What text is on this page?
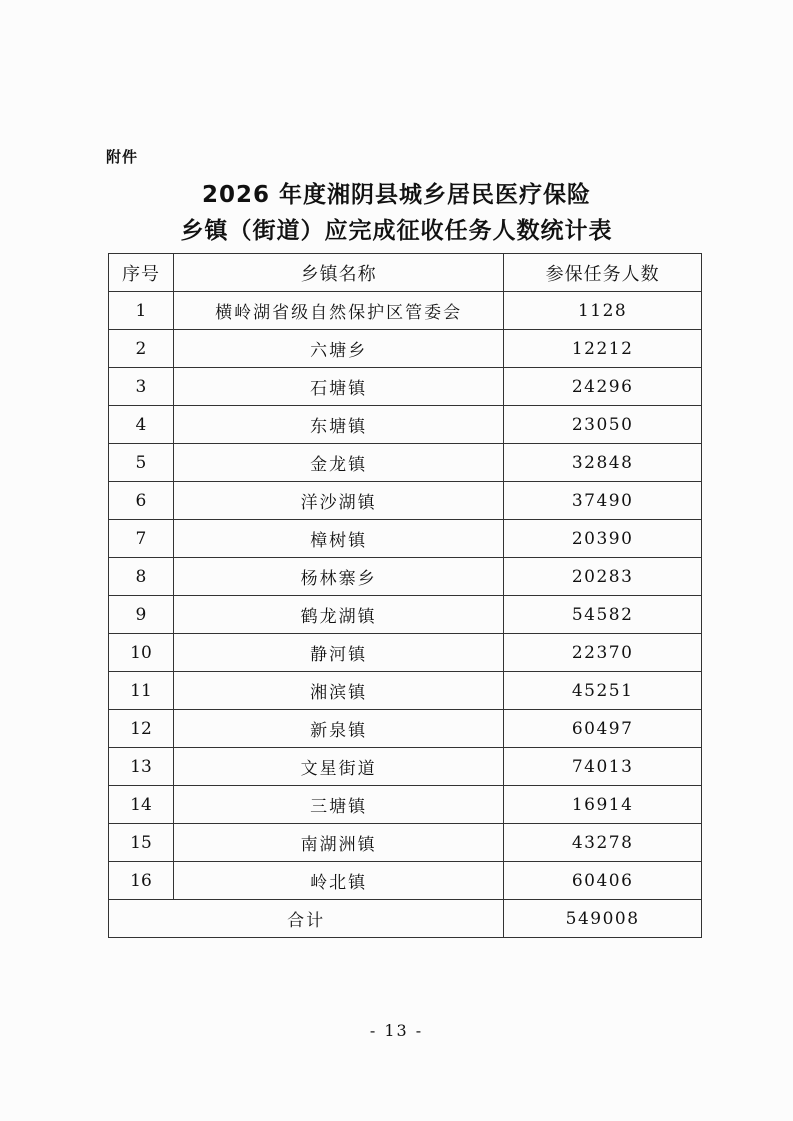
附件
2026 年度湘阴县城乡居民医疗保险
乡镇（街道）应完成征收任务人数统计表
序号	乡镇名称	参保任务人数
1	横岭湖省级自然保护区管委会	1128
2	六塘乡	12212
3	石塘镇	24296
4	东塘镇	23050
5	金龙镇	32848
6	洋沙湖镇	37490
7	樟树镇	20390
8	杨林寨乡	20283
9	鹤龙湖镇	54582
10	静河镇	22370
11	湘滨镇	45251
12	新泉镇	60497
13	文星街道	74013
14	三塘镇	16914
15	南湖洲镇	43278
16	岭北镇	60406
合计		549008
- 13 -
